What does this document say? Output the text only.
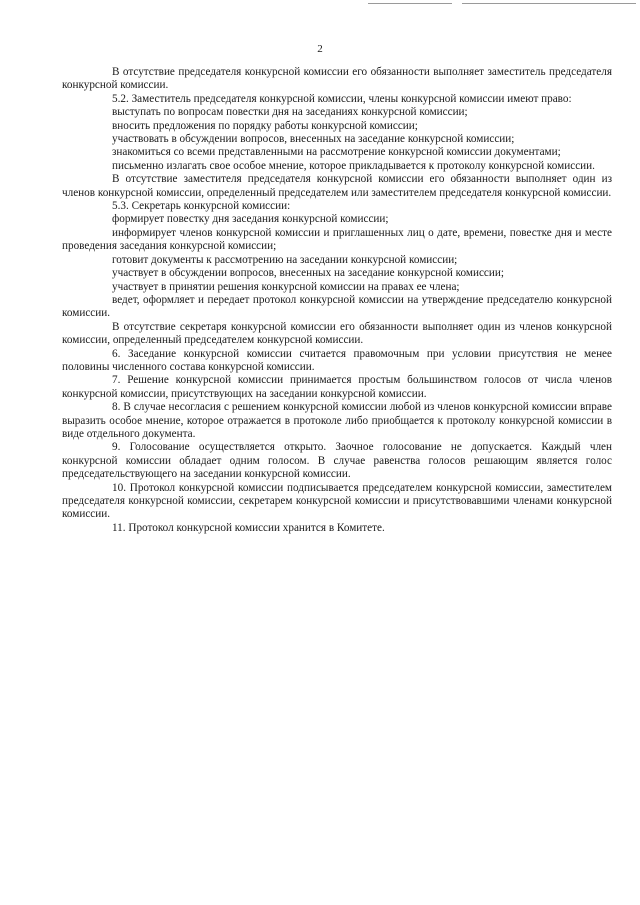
2

В отсутствие председателя конкурсной комиссии его обязанности выполняет заместитель председателя конкурсной комиссии.

5.2. Заместитель председателя конкурсной комиссии, члены конкурсной комиссии имеют право:

выступать по вопросам повестки дня на заседаниях конкурсной комиссии;

вносить предложения по порядку работы конкурсной комиссии;

участвовать в обсуждении вопросов, внесенных на заседание конкурсной комиссии;

знакомиться со всеми представленными на рассмотрение конкурсной комиссии документами;

письменно излагать свое особое мнение, которое прикладывается к протоколу конкурсной комиссии.

В отсутствие заместителя председателя конкурсной комиссии его обязанности выполняет один из членов конкурсной комиссии, определенный председателем или заместителем председателя конкурсной комиссии.

5.3. Секретарь конкурсной комиссии:

формирует повестку дня заседания конкурсной комиссии;

информирует членов конкурсной комиссии и приглашенных лиц о дате, времени, повестке дня и месте проведения заседания конкурсной комиссии;

готовит документы к рассмотрению на заседании конкурсной комиссии;

участвует в обсуждении вопросов, внесенных на заседание конкурсной комиссии;

участвует в принятии решения конкурсной комиссии на правах ее члена;

ведет, оформляет и передает протокол конкурсной комиссии на утверждение председателю конкурсной комиссии.

В отсутствие секретаря конкурсной комиссии его обязанности выполняет один из членов конкурсной комиссии, определенный председателем конкурсной комиссии.

6. Заседание конкурсной комиссии считается правомочным при условии присутствия не менее половины численного состава конкурсной комиссии.

7. Решение конкурсной комиссии принимается простым большинством голосов от числа членов конкурсной комиссии, присутствующих на заседании конкурсной комиссии.

8. В случае несогласия с решением конкурсной комиссии любой из членов конкурсной комиссии вправе выразить особое мнение, которое отражается в протоколе либо приобщается к протоколу конкурсной комиссии в виде отдельного документа.

9. Голосование осуществляется открыто. Заочное голосование не допускается. Каждый член конкурсной комиссии обладает одним голосом. В случае равенства голосов решающим является голос председательствующего на заседании конкурсной комиссии.

10. Протокол конкурсной комиссии подписывается председателем конкурсной комиссии, заместителем председателя конкурсной комиссии, секретарем конкурсной комиссии и присутствовавшими членами конкурсной комиссии.

11. Протокол конкурсной комиссии хранится в Комитете.
